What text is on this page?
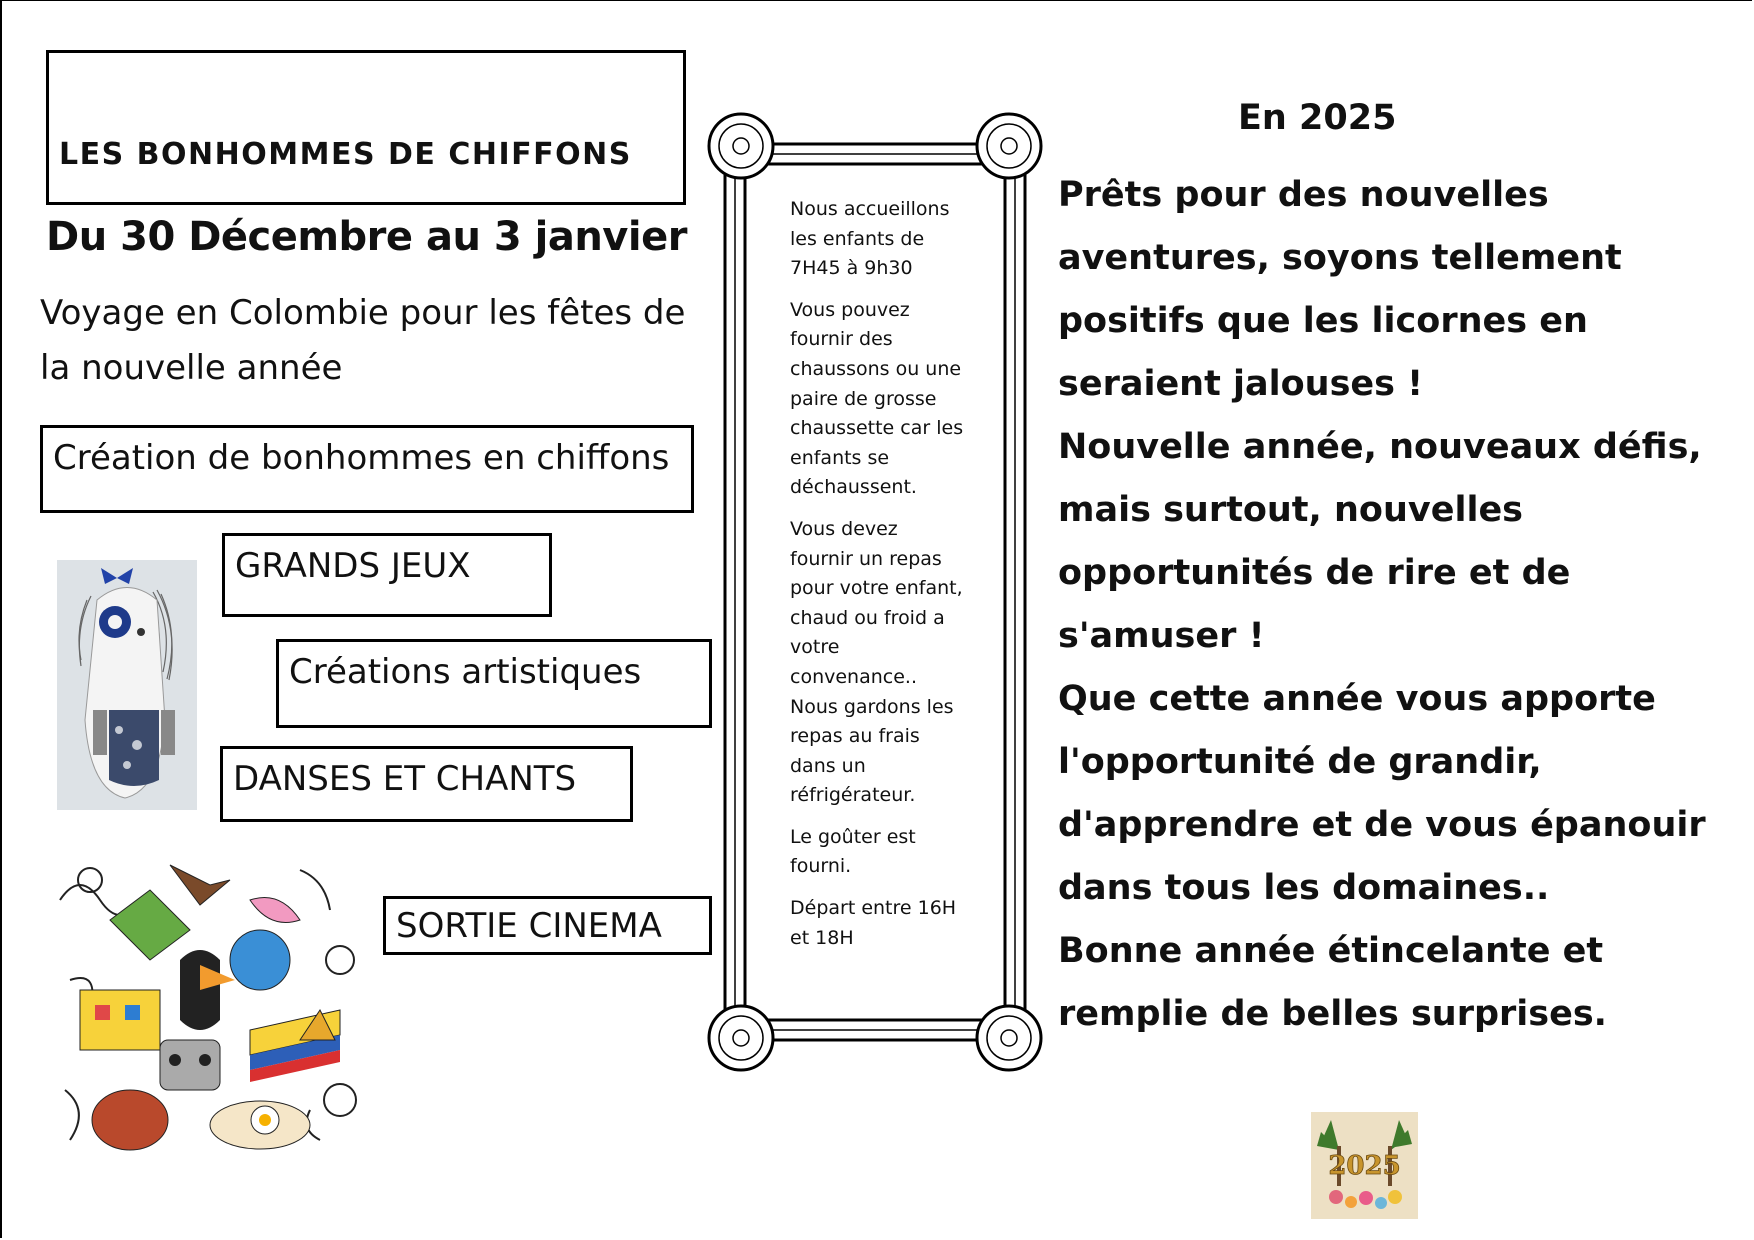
LES BONHOMMES DE CHIFFONS
Du 30 Décembre au 3 janvier
Voyage en Colombie pour les fêtes de la nouvelle année
Création de bonhommes en chiffons
GRANDS JEUX
Créations artistiques
DANSES ET CHANTS
SORTIE CINEMA

Nous accueillons les enfants de 7H45 à 9h30

Vous pouvez fournir des chaussons ou une paire de grosse chaussette car les enfants se déchaussent.

Vous devez fournir un repas pour votre enfant, chaud ou froid a votre convenance.. Nous gardons les repas au frais dans un réfrigérateur.

Le goûter est fourni.

Départ entre 16H et 18H

En 2025

Prêts pour des nouvelles aventures, soyons tellement positifs que les licornes en seraient jalouses !

Nouvelle année, nouveaux défis, mais surtout, nouvelles opportunités de rire et de s'amuser !

Que cette année vous apporte l'opportunité de grandir, d'apprendre et de vous épanouir dans tous les domaines..

Bonne année étincelante et remplie de belles surprises.

2025
